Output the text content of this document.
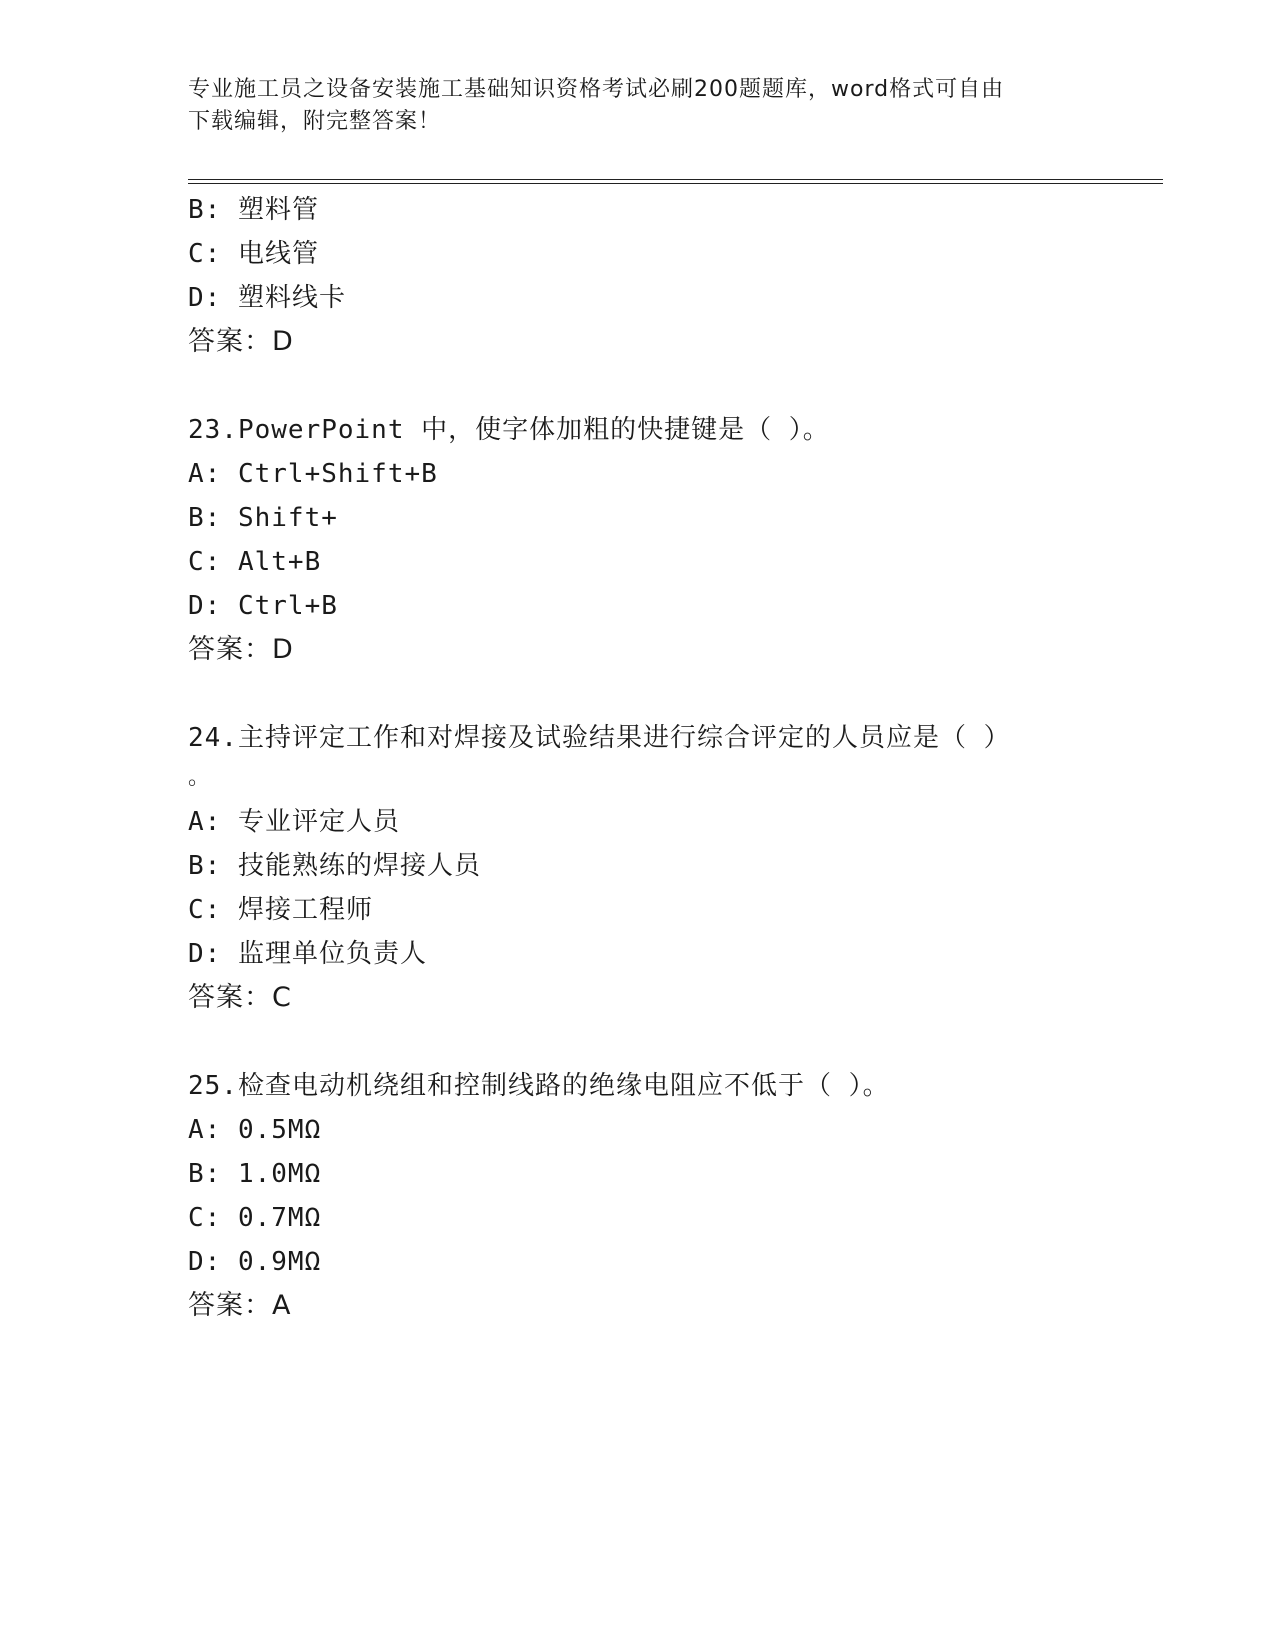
专业施工员之设备安装施工基础知识资格考试必刷200题题库，word格式可自由
下载编辑，附完整答案！
B: 塑料管
C: 电线管
D: 塑料线卡
答案：D
23.PowerPoint 中，使字体加粗的快捷键是（ ）。
A: Ctrl+Shift+B
B: Shift+
C: Alt+B
D: Ctrl+B
答案：D
24.主持评定工作和对焊接及试验结果进行综合评定的人员应是（ ）
。
A: 专业评定人员
B: 技能熟练的焊接人员
C: 焊接工程师
D: 监理单位负责人
答案：C
25.检查电动机绕组和控制线路的绝缘电阻应不低于（ ）。
A: 0.5MΩ
B: 1.0MΩ
C: 0.7MΩ
D: 0.9MΩ
答案：A
